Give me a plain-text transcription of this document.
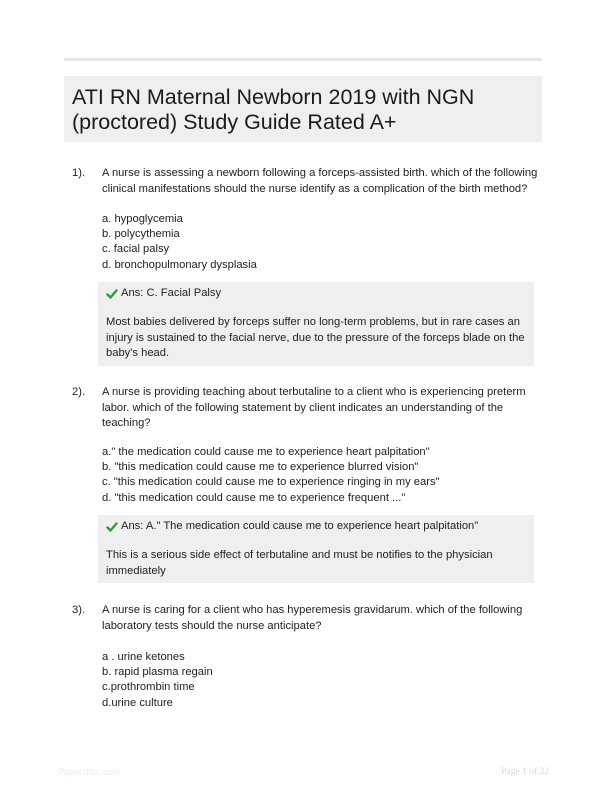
ATI RN Maternal Newborn 2019 with NGN (proctored) Study Guide Rated A+
1).	A nurse is assessing a newborn following a forceps-assisted birth. which of the following clinical manifestations should the nurse identify as a complication of the birth method?
a. hypoglycemia
b. polycythemia
c. facial palsy
d. bronchopulmonary dysplasia
Ans: C. Facial Palsy
Most babies delivered by forceps suffer no long-term problems, but in rare cases an injury is sustained to the facial nerve, due to the pressure of the forceps blade on the baby's head.
2).	A nurse is providing teaching about terbutaline to a client who is experiencing preterm labor. which of the following statement by client indicates an understanding of the teaching?
a." the medication could cause me to experience heart palpitation"
b. "this medication could cause me to experience blurred vision"
c. "this medication could cause me to experience ringing in my ears"
d. "this medication could cause me to experience frequent ..."
Ans: A." The medication could cause me to experience heart palpitation"
This is a serious side effect of terbutaline and must be notifies to the physician immediately
3).	A nurse is caring for a client who has hyperemesis gravidarum. which of the following laboratory tests should the nurse anticipate?
a . urine ketones
b. rapid plasma regain
c.prothrombin time
d.urine culture
Papersfibc.com	Page 1 of 22
